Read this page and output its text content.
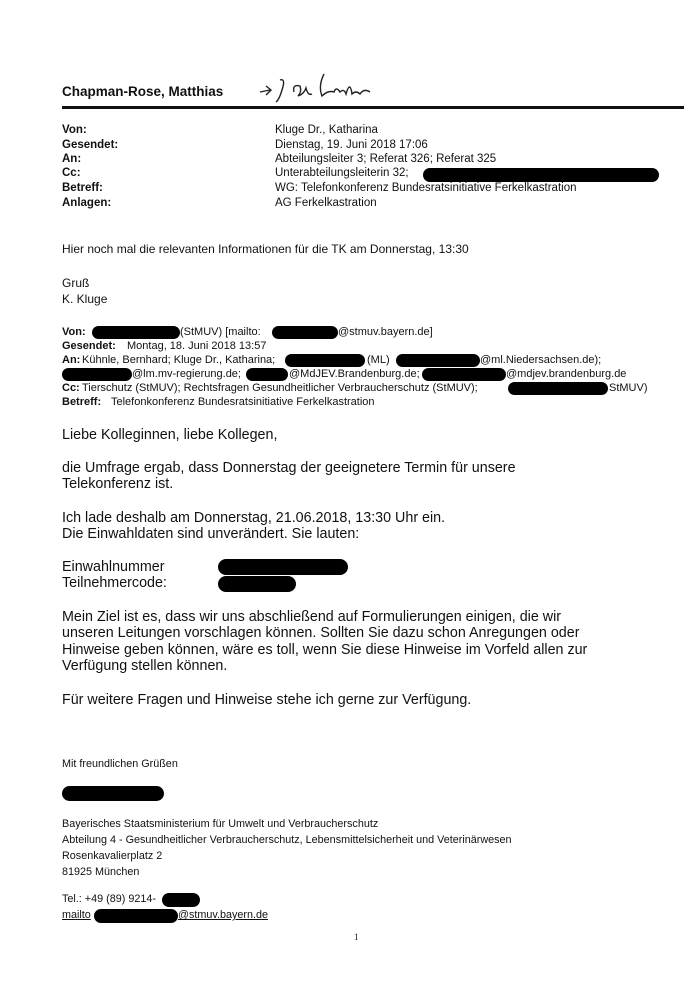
Chapman-Rose, Matthias
Von:	Kluge Dr., Katharina
Gesendet:	Dienstag, 19. Juni 2018 17:06
An:	Abteilungsleiter 3; Referat 326; Referat 325
Cc:	Unterabteilungsleiterin 32;
Betreff:	WG: Telefonkonferenz Bundesratsinitiative Ferkelkastration
Anlagen:	AG Ferkelkastration
Hier noch mal die relevanten Informationen für die TK am Donnerstag, 13:30
Gruß
K. Kluge
Von:	(StMUV) [mailto:	@stmuv.bayern.de]
Gesendet: Montag, 18. Juni 2018 13:57
An: Kühnle, Bernhard; Kluge Dr., Katharina;	(ML)	@ml.Niedersachsen.de);
@lm.mv-regierung.de;	@MdJEV.Brandenburg.de;	@mdjev.brandenburg.de
Cc: Tierschutz (StMUV); Rechtsfragen Gesundheitlicher Verbraucherschutz (StMUV);	StMUV)
Betreff: Telefonkonferenz Bundesratsinitiative Ferkelkastration
Liebe Kolleginnen, liebe Kollegen,
die Umfrage ergab, dass Donnerstag der geeignetere Termin für unsere
Telekonferenz ist.
Ich lade deshalb am Donnerstag, 21.06.2018, 13:30 Uhr ein.
Die Einwahldaten sind unverändert. Sie lauten:
Einwahlnummer
Teilnehmercode:
Mein Ziel ist es, dass wir uns abschließend auf Formulierungen einigen, die wir
unseren Leitungen vorschlagen können. Sollten Sie dazu schon Anregungen oder
Hinweise geben können, wäre es toll, wenn Sie diese Hinweise im Vorfeld allen zur
Verfügung stellen können.
Für weitere Fragen und Hinweise stehe ich gerne zur Verfügung.
Mit freundlichen Grüßen
Bayerisches Staatsministerium für Umwelt und Verbraucherschutz
Abteilung 4 - Gesundheitlicher Verbraucherschutz, Lebensmittelsicherheit und Veterinärwesen
Rosenkavalierplatz 2
81925 München
Tel.: +49 (89) 9214-
mailto	@stmuv.bayern.de
1
